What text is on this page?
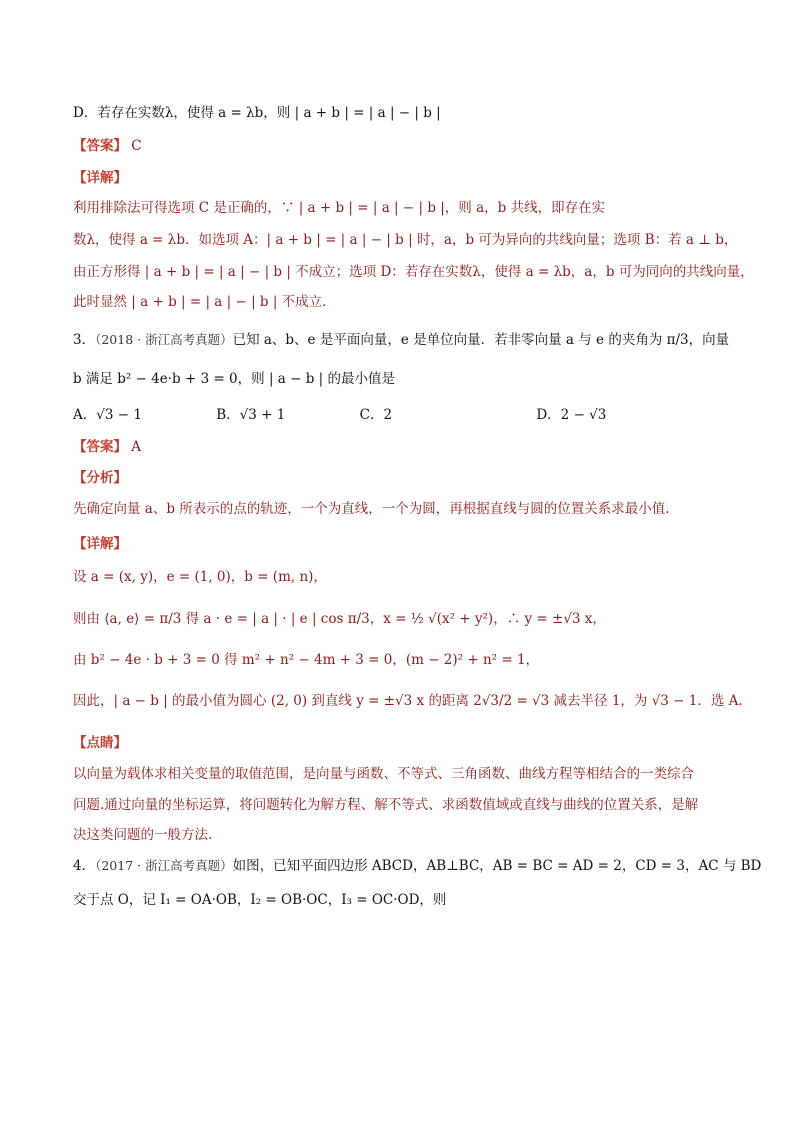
D．若存在实数λ，使得 a = λb，则 | a + b | = | a | − | b |
【答案】 C
【详解】
利用排除法可得选项 C 是正确的，∵ | a + b | = | a | − | b |，则 a，b 共线，即存在实
数λ，使得 a = λb．如选项 A：| a + b | = | a | − | b | 时，a，b 可为异向的共线向量；选项 B：若 a ⊥ b，
由正方形得 | a + b | = | a | − | b | 不成立；选项 D：若存在实数λ，使得 a = λb，a，b 可为同向的共线向量，
此时显然 | a + b | = | a | − | b | 不成立．
3．（2018 · 浙江高考真题）已知 a、b、e 是平面向量，e 是单位向量．若非零向量 a 与 e 的夹角为 π/3，向量
b 满足 b² − 4e·b + 3 = 0，则 | a − b | 的最小值是
A．√3 − 1	B．√3 + 1	C．2	D．2 − √3
【答案】 A
【分析】
先确定向量 a、b 所表示的点的轨迹，一个为直线，一个为圆，再根据直线与圆的位置关系求最小值.
【详解】
设 a = (x, y)，e = (1, 0)，b = (m, n)，
则由 ⟨a, e⟩ = π/3 得 a · e = | a | · | e | cos π/3，x = ½ √(x² + y²)，∴ y = ±√3 x，
由 b² − 4e · b + 3 = 0 得 m² + n² − 4m + 3 = 0，(m − 2)² + n² = 1，
因此，| a − b | 的最小值为圆心 (2, 0) 到直线 y = ±√3 x 的距离 2√3/2 = √3 减去半径 1，为 √3 − 1．选 A．
【点睛】
以向量为载体求相关变量的取值范围，是向量与函数、不等式、三角函数、曲线方程等相结合的一类综合
问题.通过向量的坐标运算，将问题转化为解方程、解不等式、求函数值域或直线与曲线的位置关系，是解
决这类问题的一般方法.
4．（2017 · 浙江高考真题）如图，已知平面四边形 ABCD，AB⊥BC，AB = BC = AD = 2，CD = 3，AC 与 BD
交于点 O，记 I₁ = OA·OB，I₂ = OB·OC，I₃ = OC·OD，则
